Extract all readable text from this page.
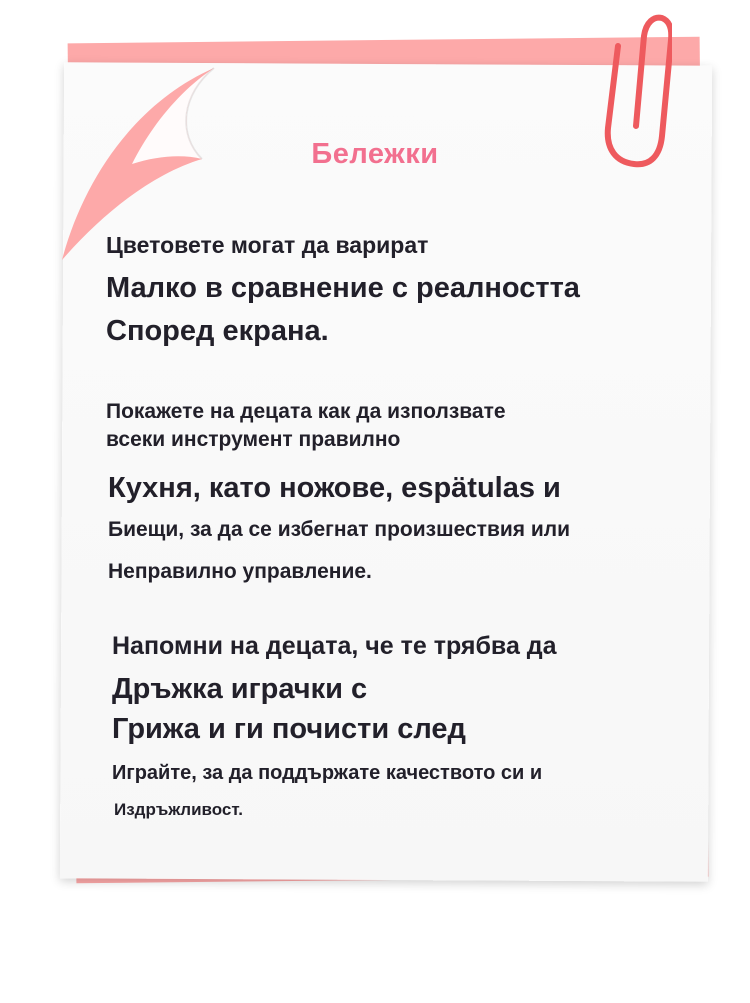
Бележки
Цветовете могат да варират
Малко в сравнение с реалността
Според екрана.
Покажете на децата как да използвате
всеки инструмент правилно
Кухня, като ножове, espätulas и
Биещи, за да се избегнат произшествия или
Неправилно управление.
Напомни на децата, че те трябва да
Дръжка играчки с
Грижа и ги почисти след
Играйте, за да поддържате качеството си и
Издръжливост.
